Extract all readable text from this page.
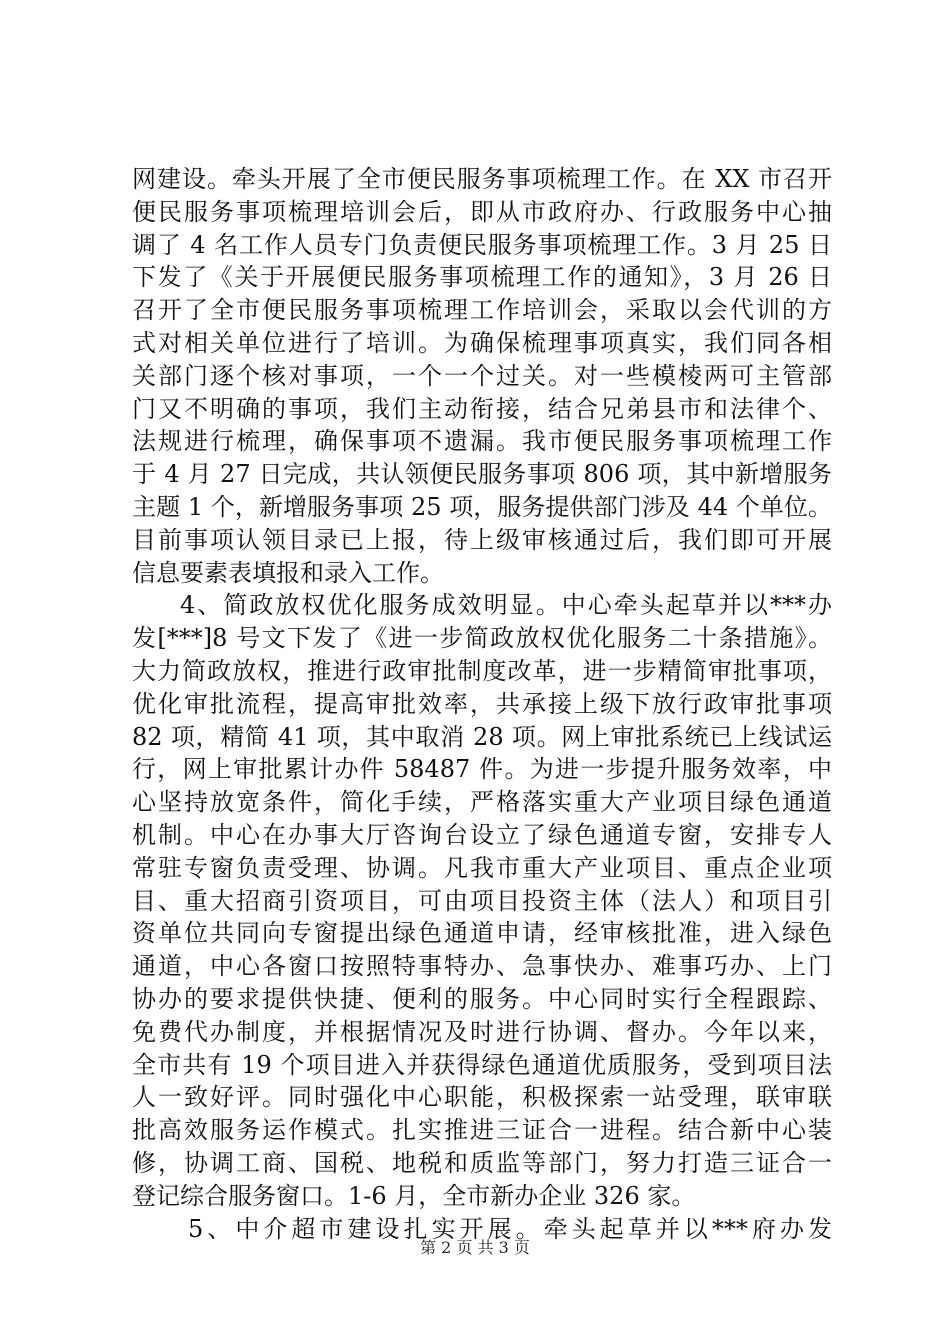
网建设。牵头开展了全市便民服务事项梳理工作。在 XX 市召开
便民服务事项梳理培训会后，即从市政府办、行政服务中心抽
调了 4 名工作人员专门负责便民服务事项梳理工作。3 月 25 日
下发了《关于开展便民服务事项梳理工作的通知》，3 月 26 日
召开了全市便民服务事项梳理工作培训会，采取以会代训的方
式对相关单位进行了培训。为确保梳理事项真实，我们同各相
关部门逐个核对事项，一个一个过关。对一些模棱两可主管部
门又不明确的事项，我们主动衔接，结合兄弟县市和法律个、
法规进行梳理，确保事项不遗漏。我市便民服务事项梳理工作
于 4 月 27 日完成，共认领便民服务事项 806 项，其中新增服务
主题 1 个，新增服务事项 25 项，服务提供部门涉及 44 个单位。
目前事项认领目录已上报，待上级审核通过后，我们即可开展
信息要素表填报和录入工作。
4、简政放权优化服务成效明显。中心牵头起草并以***办
发[***]8 号文下发了《进一步简政放权优化服务二十条措施》。
大力简政放权，推进行政审批制度改革，进一步精简审批事项，
优化审批流程，提高审批效率，共承接上级下放行政审批事项
82 项，精简 41 项，其中取消 28 项。网上审批系统已上线试运
行，网上审批累计办件 58487 件。为进一步提升服务效率，中
心坚持放宽条件，简化手续，严格落实重大产业项目绿色通道
机制。中心在办事大厅咨询台设立了绿色通道专窗，安排专人
常驻专窗负责受理、协调。凡我市重大产业项目、重点企业项
目、重大招商引资项目，可由项目投资主体（法人）和项目引
资单位共同向专窗提出绿色通道申请，经审核批准，进入绿色
通道，中心各窗口按照特事特办、急事快办、难事巧办、上门
协办的要求提供快捷、便利的服务。中心同时实行全程跟踪、
免费代办制度，并根据情况及时进行协调、督办。今年以来，
全市共有 19 个项目进入并获得绿色通道优质服务，受到项目法
人一致好评。同时强化中心职能，积极探索一站受理，联审联
批高效服务运作模式。扎实推进三证合一进程。结合新中心装
修，协调工商、国税、地税和质监等部门，努力打造三证合一
登记综合服务窗口。1-6 月，全市新办企业 326 家。
5、中介超市建设扎实开展。牵头起草并以***府办发
第 2 页 共 3 页
